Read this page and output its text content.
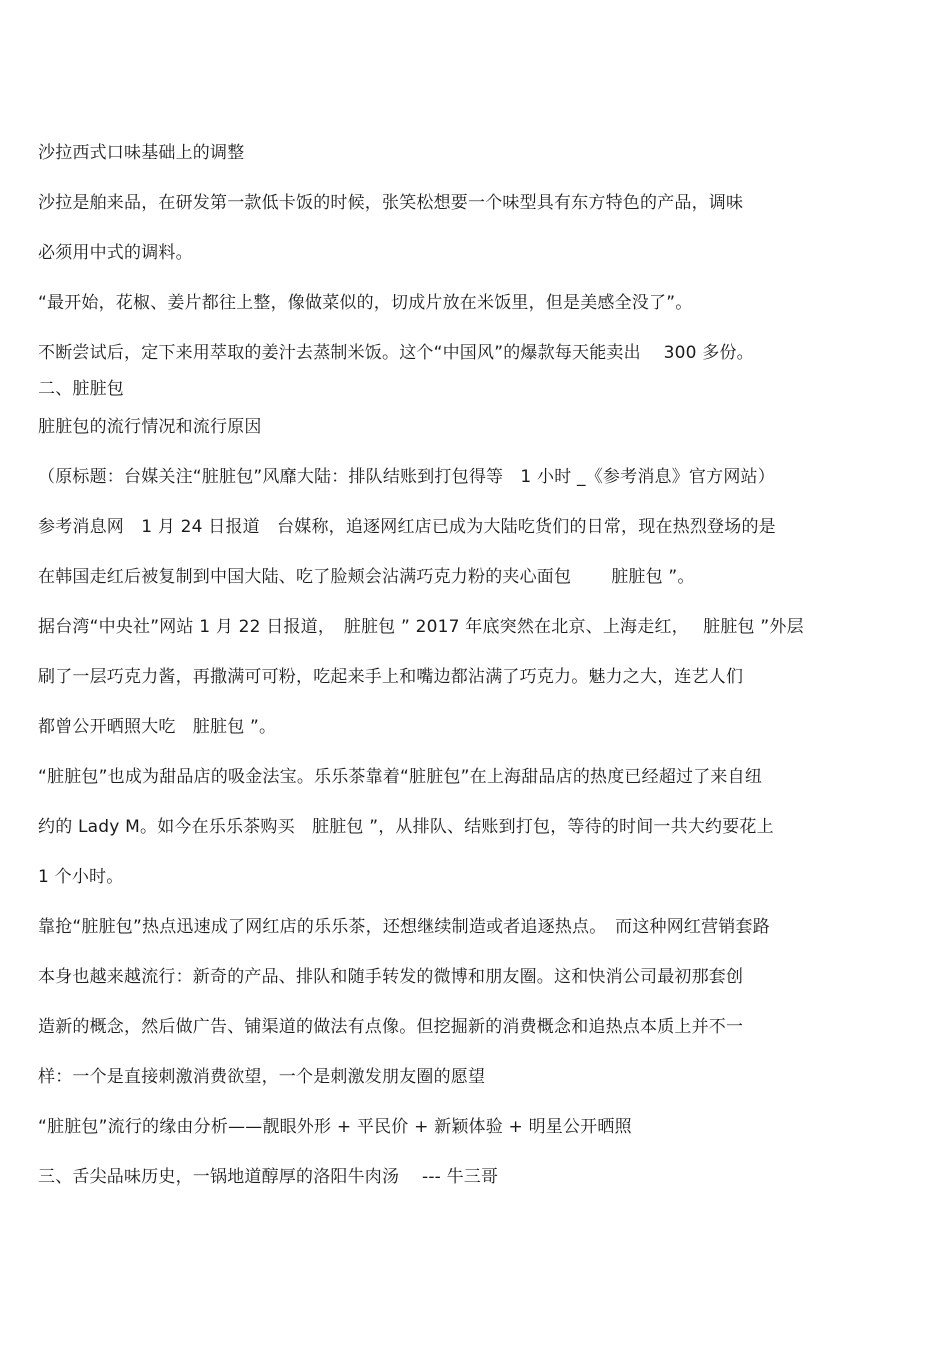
沙拉西式口味基础上的调整
沙拉是舶来品，在研发第一款低卡饭的时候，张笑松想要一个味型具有东方特色的产品，调味
必须用中式的调料。
“最开始，花椒、姜片都往上整，像做菜似的，切成片放在米饭里，但是美感全没了”。
不断尝试后，定下来用萃取的姜汁去蒸制米饭。这个“中国风”的爆款每天能卖出　 300 多份。
二、脏脏包
脏脏包的流行情况和流行原因
（原标题：台媒关注“脏脏包”风靡大陆：排队结账到打包得等　1 小时 _《参考消息》官方网站）
参考消息网　1 月 24 日报道　台媒称，追逐网红店已成为大陆吃货们的日常，现在热烈登场的是
在韩国走红后被复制到中国大陆、吃了脸颊会沾满巧克力粉的夹心面包　　 脏脏包 ”。
据台湾“中央社”网站 1 月 22 日报道，　脏脏包 ” 2017 年底突然在北京、上海走红，　 脏脏包 ”外层
刷了一层巧克力酱，再撒满可可粉，吃起来手上和嘴边都沾满了巧克力。魅力之大，连艺人们
都曾公开晒照大吃　脏脏包 ”。
“脏脏包”也成为甜品店的吸金法宝。乐乐茶靠着“脏脏包”在上海甜品店的热度已经超过了来自纽
约的 Lady M。如今在乐乐茶购买　脏脏包 ”，从排队、结账到打包，等待的时间一共大约要花上
1 个小时。
靠抢“脏脏包”热点迅速成了网红店的乐乐茶，还想继续制造或者追逐热点。　而这种网红营销套路
本身也越来越流行：新奇的产品、排队和随手转发的微博和朋友圈。这和快消公司最初那套创
造新的概念，然后做广告、铺渠道的做法有点像。但挖掘新的消费概念和追热点本质上并不一
样：一个是直接刺激消费欲望，一个是刺激发朋友圈的愿望
“脏脏包”流行的缘由分析——靓眼外形 + 平民价 + 新颖体验 + 明星公开晒照
三、舌尖品味历史，一锅地道醇厚的洛阳牛肉汤　 --- 牛三哥
